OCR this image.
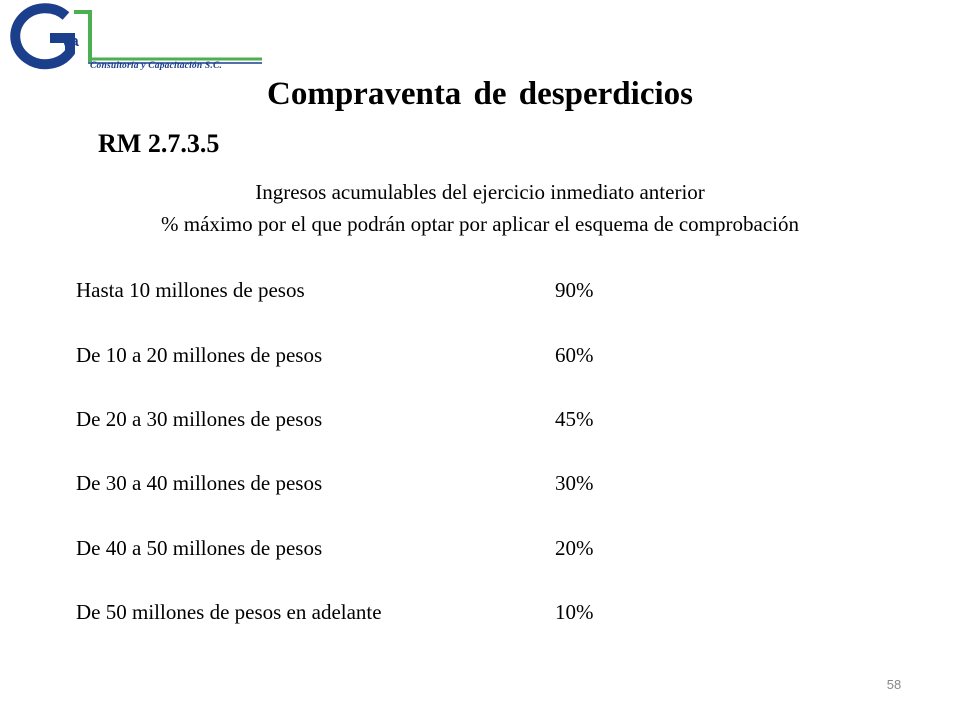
va
Consultoría y Capacitación S.C.
Compraventa de desperdicios
RM 2.7.3.5
Ingresos acumulables del ejercicio inmediato anterior
% máximo por el que podrán optar por aplicar el esquema de comprobación
Hasta 10 millones de pesos	90%
De 10 a 20 millones de pesos	60%
De 20 a 30 millones de pesos	45%
De 30 a 40 millones de pesos	30%
De 40 a 50 millones de pesos	20%
De 50 millones de pesos en adelante	10%
58
